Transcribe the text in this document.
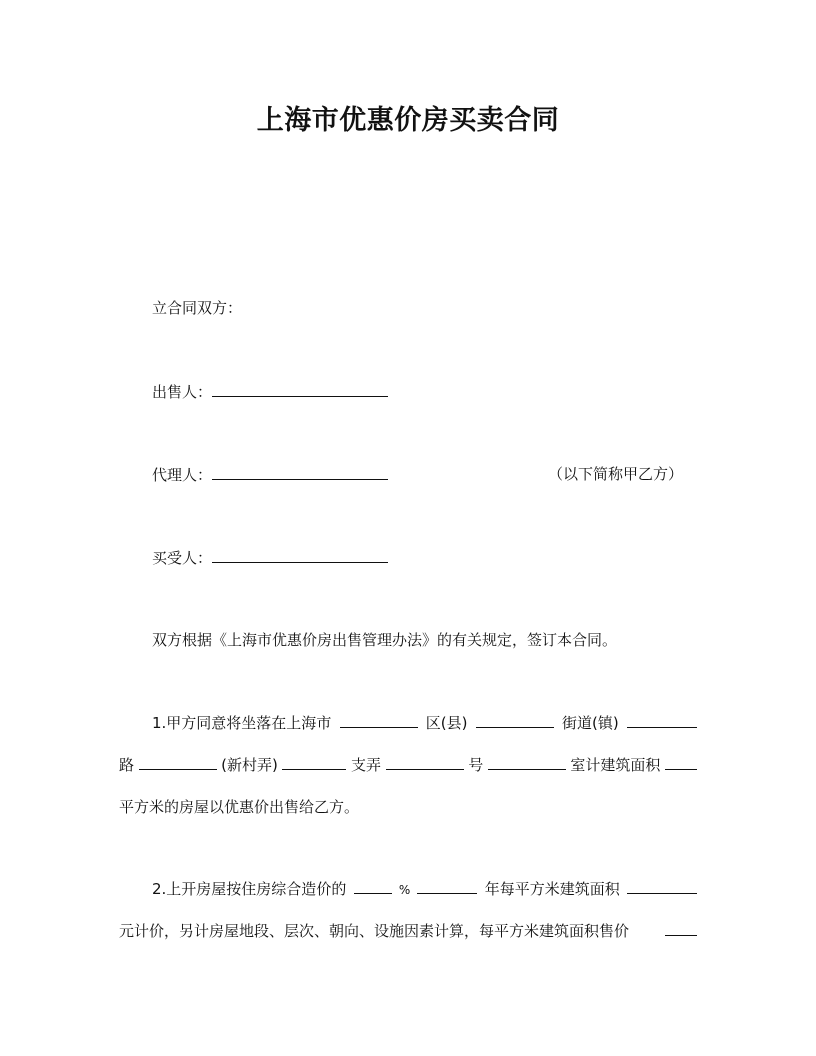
上海市优惠价房买卖合同
立合同双方：
出售人：
代理人：	（以下简称甲乙方）
买受人：
双方根据《上海市优惠价房出售管理办法》的有关规定，签订本合同。
1.甲方同意将坐落在上海市	区(县)	街道(镇)
路	(新村弄)	支弄	号	室计建筑面积
平方米的房屋以优惠价出售给乙方。
2.上开房屋按住房综合造价的	%	年每平方米建筑面积
元计价，另计房屋地段、层次、朝向、设施因素计算，每平方米建筑面积售价
